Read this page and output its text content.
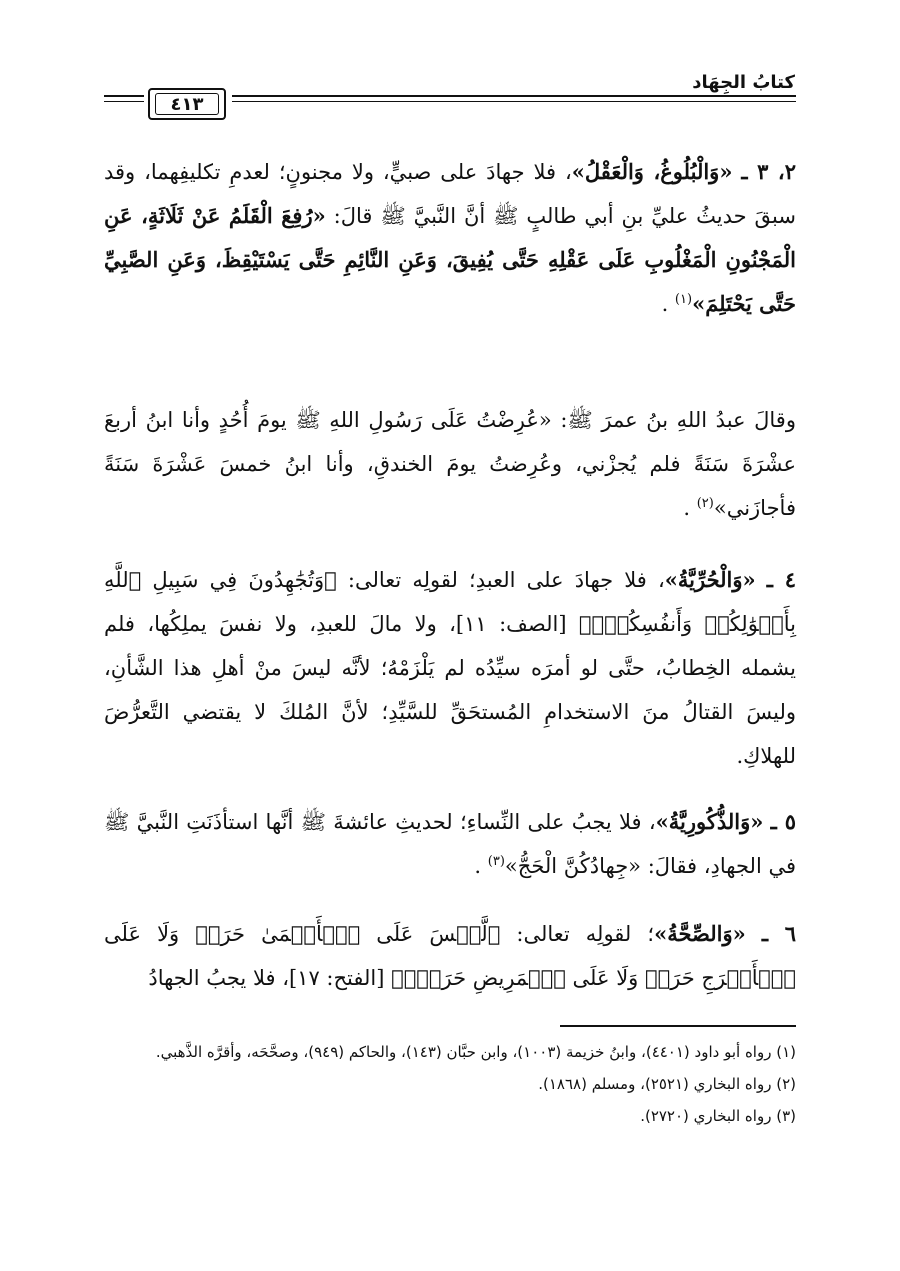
كتابُ الجِهَاد
٤١٣

٢، ٣ ـ «وَالْبُلُوغُ، وَالْعَقْلُ»، فلا جهادَ على صبيٍّ، ولا مجنونٍ؛ لعدمِ تكليفِهما، وقد سبقَ حديثُ عليِّ بنِ أبي طالبٍ ﷺ أنَّ النَّبيَّ ﷺ قالَ: «رُفِعَ الْقَلَمُ عَنْ ثَلَاثَةٍ، عَنِ الْمَجْنُونِ الْمَغْلُوبِ عَلَى عَقْلِهِ حَتَّى يُفِيقَ، وَعَنِ النَّائِمِ حَتَّى يَسْتَيْقِظَ، وَعَنِ الصَّبِيِّ حَتَّى يَحْتَلِمَ»$^{(١)}$ .

وقالَ عبدُ اللهِ بنُ عمرَ ﷺ: «عُرِضْتُ عَلَى رَسُولِ اللهِ ﷺ يومَ أُحُدٍ وأنا ابنُ أربعَ عشْرَةَ سَنَةً فلم يُجزْني، وعُرِضتُ يومَ الخندقِ، وأنا ابنُ خمسَ عَشْرَةَ سَنَةً فأجازَني»$^{(٢)}$ .

٤ ـ «وَالْحُرِّيَّةُ»، فلا جهادَ على العبدِ؛ لقولِه تعالى: ﴿وَتُجَٰهِدُونَ فِي سَبِيلِ ٱللَّهِ بِأَمۡوَٰلِكُمۡ وَأَنفُسِكُمۡۚ﴾ [الصف: ١١]، ولا مالَ للعبدِ، ولا نفسَ يملِكُها، فلم يشمله الخِطابُ، حتَّى لو أمرَه سيِّدُه لم يَلْزَمْهُ؛ لأنَّه ليسَ منْ أهلِ هذا الشَّأنِ، وليسَ القتالُ منَ الاستخدامِ المُستحَقِّ للسَّيِّدِ؛ لأنَّ المُلكَ لا يقتضي التَّعرُّضَ للهلاكِ.

٥ ـ «وَالذُّكُورِيَّةُ»، فلا يجبُ على النِّساءِ؛ لحديثِ عائشةَ ﷺ أنَّها استأذَنَتِ النَّبيَّ ﷺ في الجهادِ، فقالَ: «جِهادُكُنَّ الْحَجُّ»$^{(٣)}$ .

٦ ـ «وَالصِّحَّةُ»؛ لقولِه تعالى: ﴿لَّيۡسَ عَلَى ٱلۡأَعۡمَىٰ حَرَجٞ وَلَا عَلَى ٱلۡأَعۡرَجِ حَرَجٞ وَلَا عَلَى ٱلۡمَرِيضِ حَرَجٞۗ﴾ [الفتح: ١٧]، فلا يجبُ الجهادُ

(١) رواه أبو داود (٤٤٠١)، وابنُ خزيمة (١٠٠٣)، وابن حبَّان (١٤٣)، والحاكم (٩٤٩)، وصحَّحَه، وأقرَّه الذَّهبي.

(٢) رواه البخاري (٢٥٢١)، ومسلم (١٨٦٨).

(٣) رواه البخاري (٢٧٢٠).
